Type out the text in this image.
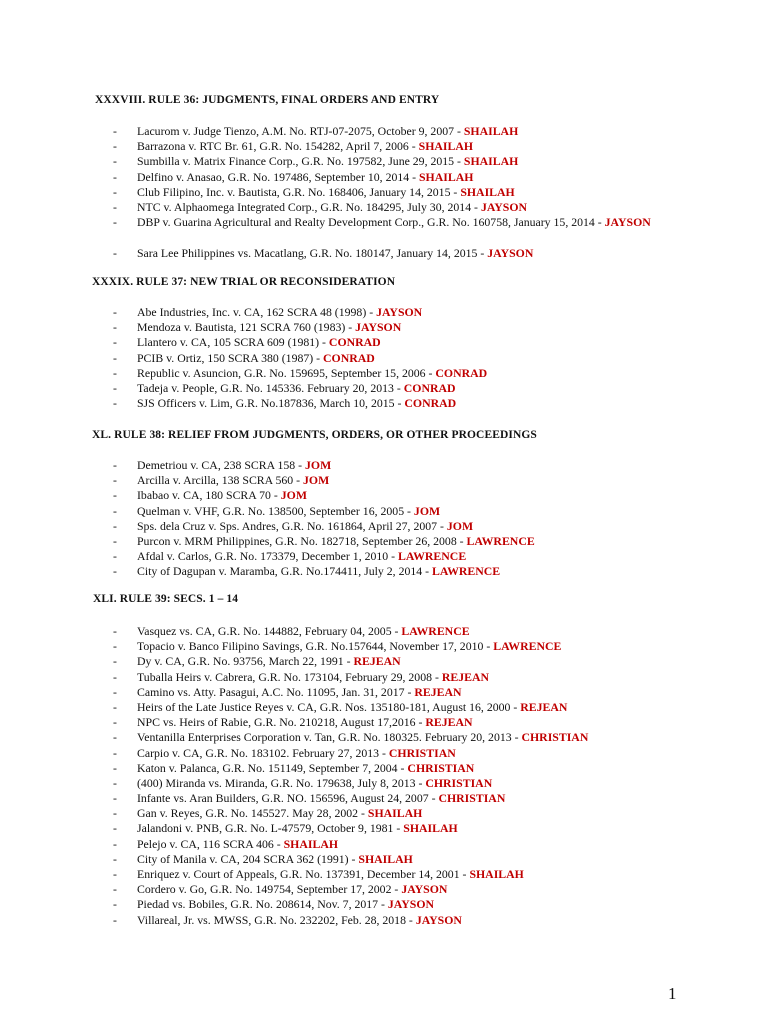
XXXVIII. RULE 36: JUDGMENTS, FINAL ORDERS AND ENTRY
- Lacurom v. Judge Tienzo, A.M. No. RTJ-07-2075, October 9, 2007 - SHAILAH
- Barrazona v. RTC Br. 61, G.R. No. 154282, April 7, 2006 - SHAILAH
- Sumbilla v. Matrix Finance Corp., G.R. No. 197582, June 29, 2015 - SHAILAH
- Delfino v. Anasao, G.R. No. 197486, September 10, 2014 - SHAILAH
- Club Filipino, Inc. v. Bautista, G.R. No. 168406, January 14, 2015 - SHAILAH
- NTC v. Alphaomega Integrated Corp., G.R. No. 184295, July 30, 2014 - JAYSON
- DBP v. Guarina Agricultural and Realty Development Corp., G.R. No. 160758, January 15, 2014 - JAYSON
- Sara Lee Philippines vs. Macatlang, G.R. No. 180147, January 14, 2015 - JAYSON
XXXIX. RULE 37: NEW TRIAL OR RECONSIDERATION
- Abe Industries, Inc. v. CA, 162 SCRA 48 (1998) - JAYSON
- Mendoza v. Bautista, 121 SCRA 760 (1983) - JAYSON
- Llantero v. CA, 105 SCRA 609 (1981) - CONRAD
- PCIB v. Ortiz, 150 SCRA 380 (1987) - CONRAD
- Republic v. Asuncion, G.R. No. 159695, September 15, 2006 - CONRAD
- Tadeja v. People, G.R. No. 145336. February 20, 2013 - CONRAD
- SJS Officers v. Lim, G.R. No.187836, March 10, 2015 - CONRAD
XL. RULE 38: RELIEF FROM JUDGMENTS, ORDERS, OR OTHER PROCEEDINGS
- Demetriou v. CA, 238 SCRA 158 - JOM
- Arcilla v. Arcilla, 138 SCRA 560 - JOM
- Ibabao v. CA, 180 SCRA 70 - JOM
- Quelman v. VHF, G.R. No. 138500, September 16, 2005 - JOM
- Sps. dela Cruz v. Sps. Andres, G.R. No. 161864, April 27, 2007 - JOM
- Purcon v. MRM Philippines, G.R. No. 182718, September 26, 2008 - LAWRENCE
- Afdal v. Carlos, G.R. No. 173379, December 1, 2010 - LAWRENCE
- City of Dagupan v. Maramba, G.R. No.174411, July 2, 2014 - LAWRENCE
XLI. RULE 39: SECS. 1 – 14
- Vasquez vs. CA, G.R. No. 144882, February 04, 2005 - LAWRENCE
- Topacio v. Banco Filipino Savings, G.R. No.157644, November 17, 2010 - LAWRENCE
- Dy v. CA, G.R. No. 93756, March 22, 1991 - REJEAN
- Tuballa Heirs v. Cabrera, G.R. No. 173104, February 29, 2008 - REJEAN
- Camino vs. Atty. Pasagui, A.C. No. 11095, Jan. 31, 2017 - REJEAN
- Heirs of the Late Justice Reyes v. CA, G.R. Nos. 135180-181, August 16, 2000 - REJEAN
- NPC vs. Heirs of Rabie, G.R. No. 210218, August 17,2016 - REJEAN
- Ventanilla Enterprises Corporation v. Tan, G.R. No. 180325. February 20, 2013 - CHRISTIAN
- Carpio v. CA, G.R. No. 183102. February 27, 2013 - CHRISTIAN
- Katon v. Palanca, G.R. No. 151149, September 7, 2004 - CHRISTIAN
- (400) Miranda vs. Miranda, G.R. No. 179638, July 8, 2013 - CHRISTIAN
- Infante vs. Aran Builders, G.R. NO. 156596, August 24, 2007 - CHRISTIAN
- Gan v. Reyes, G.R. No. 145527. May 28, 2002 - SHAILAH
- Jalandoni v. PNB, G.R. No. L-47579, October 9, 1981 - SHAILAH
- Pelejo v. CA, 116 SCRA 406 - SHAILAH
- City of Manila v. CA, 204 SCRA 362 (1991) - SHAILAH
- Enriquez v. Court of Appeals, G.R. No. 137391, December 14, 2001 - SHAILAH
- Cordero v. Go, G.R. No. 149754, September 17, 2002 - JAYSON
- Piedad vs. Bobiles, G.R. No. 208614, Nov. 7, 2017 - JAYSON
- Villareal, Jr. vs. MWSS, G.R. No. 232202, Feb. 28, 2018 - JAYSON
1
